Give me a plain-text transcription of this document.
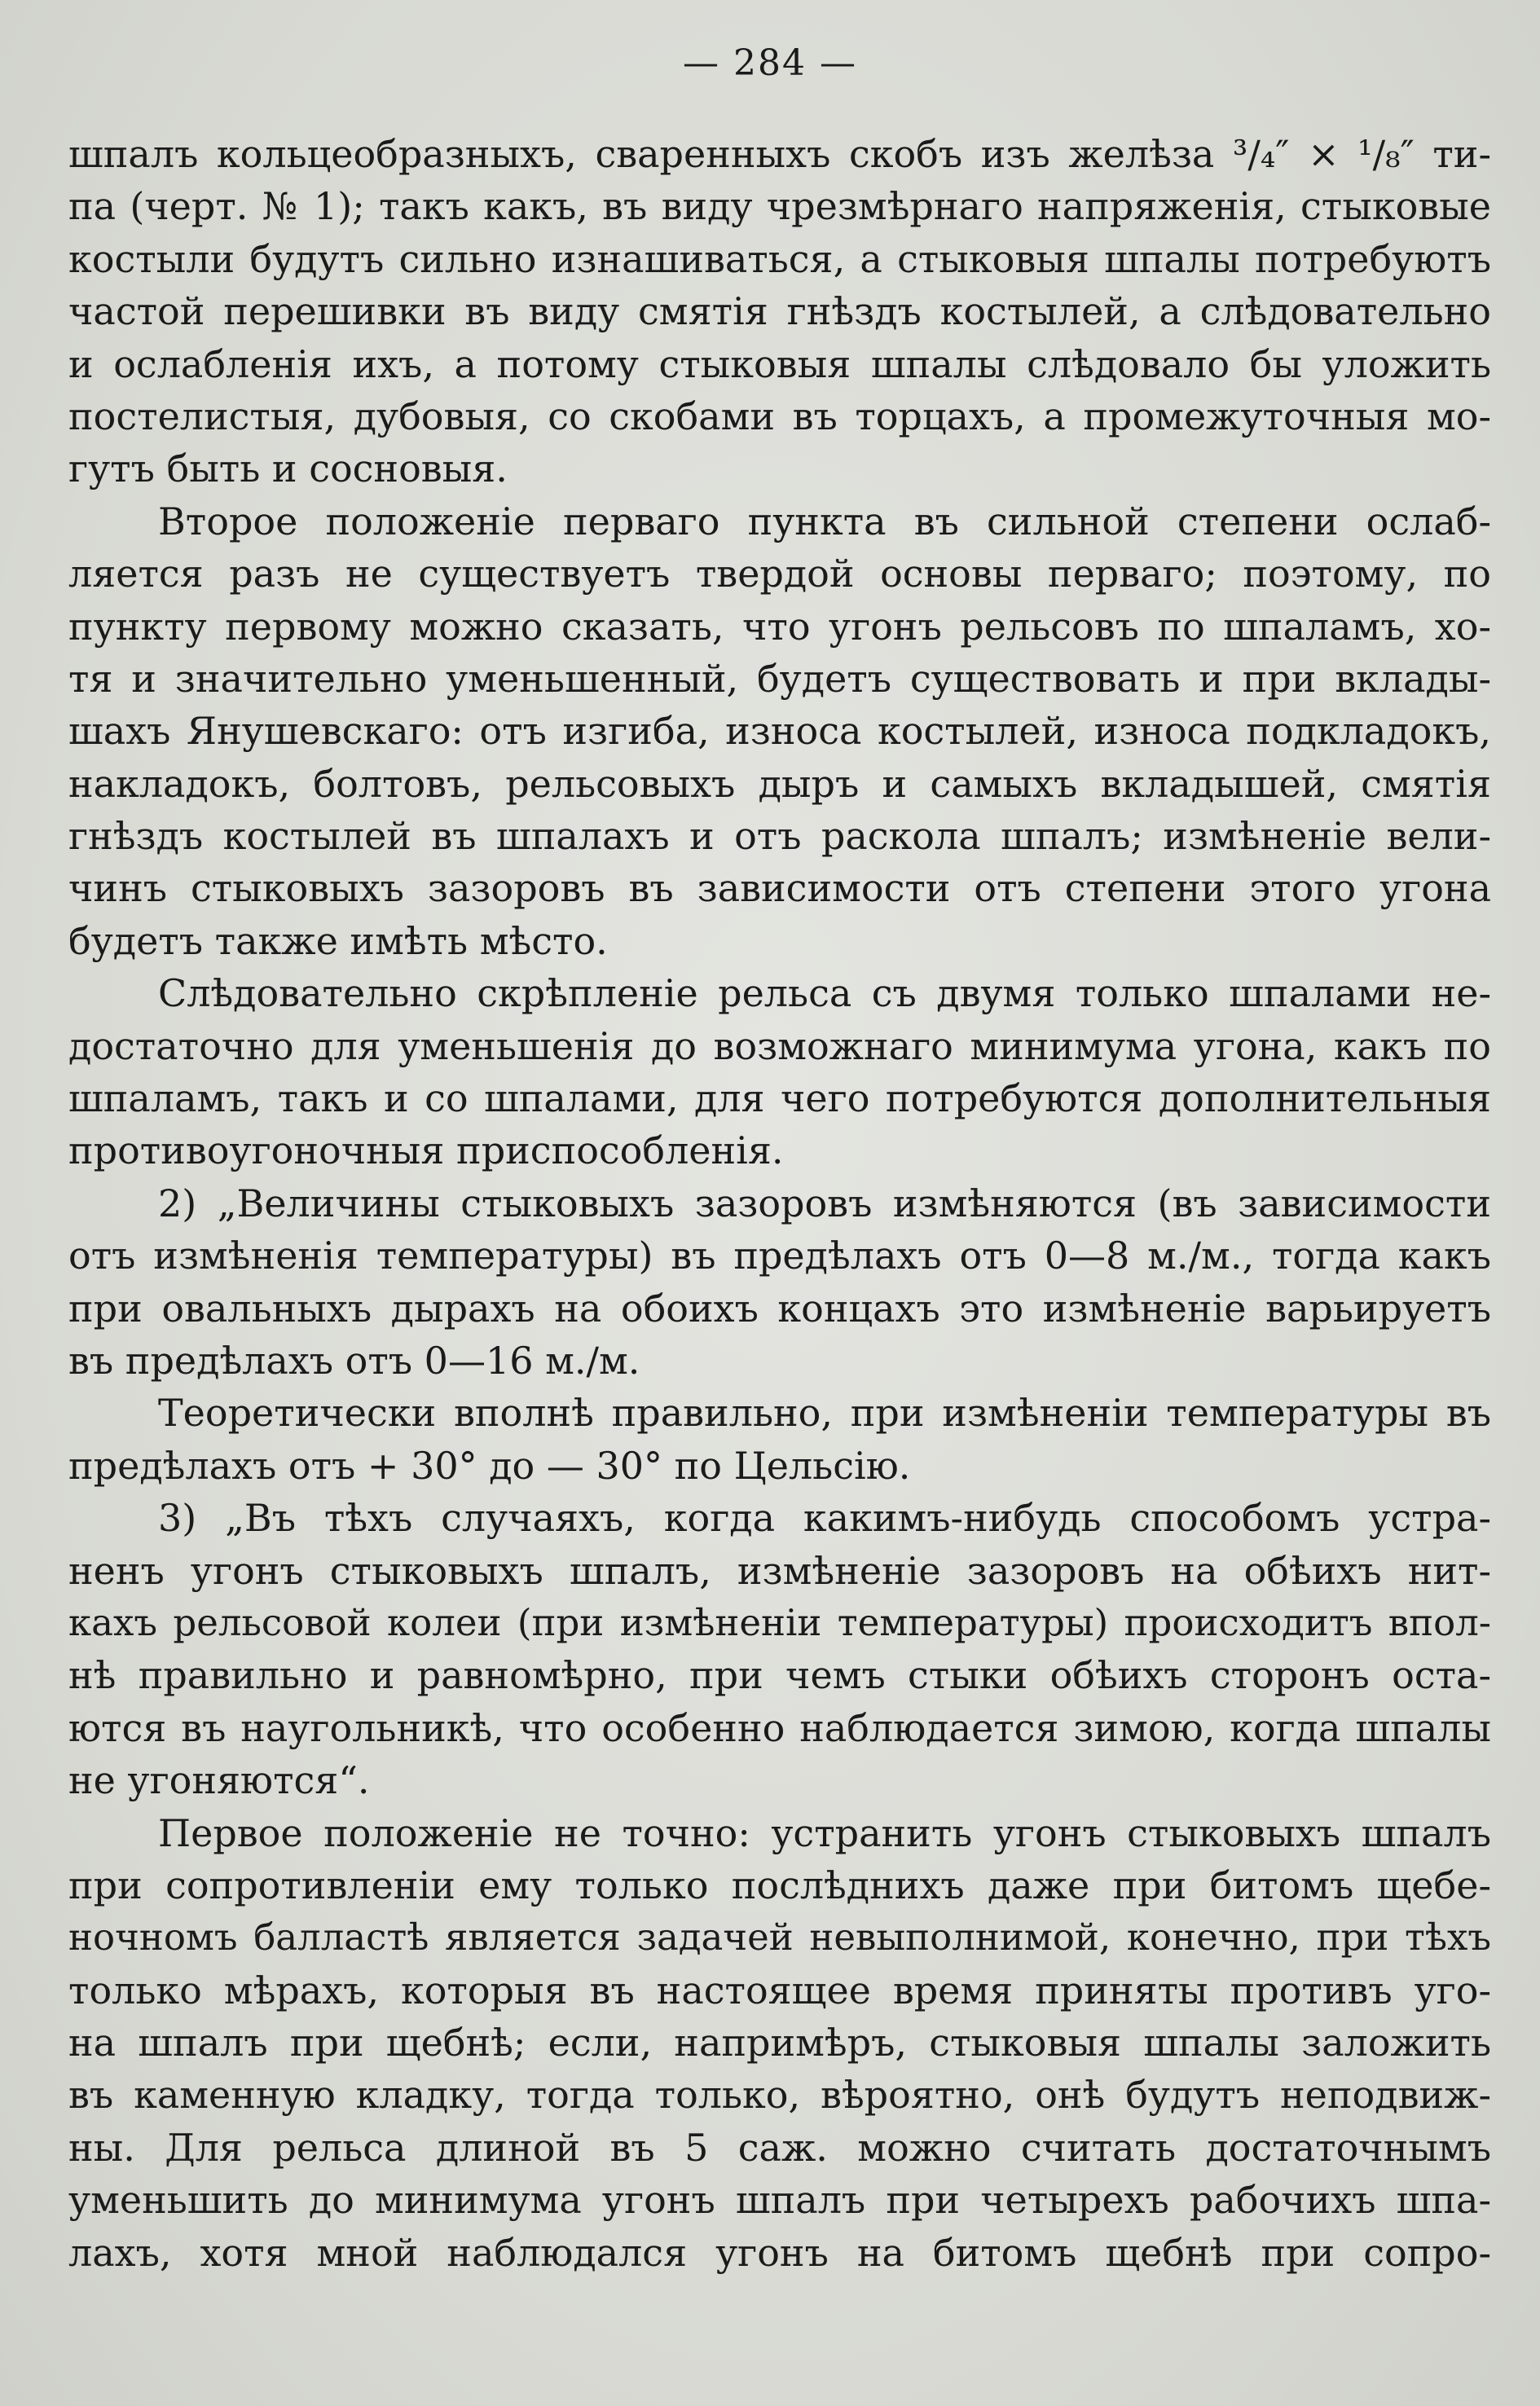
— 284 —
шпалъ кольцеобразныхъ, сваренныхъ скобъ изъ желѣза ³/₄″ × ¹/₈″ ти-
па (черт. № 1); такъ какъ, въ виду чрезмѣрнаго напряженія, стыковые
костыли будутъ сильно изнашиваться, а стыковыя шпалы потребуютъ
частой перешивки въ виду смятія гнѣздъ костылей, а слѣдовательно
и ослабленія ихъ, а потому стыковыя шпалы слѣдовало бы уложить
постелистыя, дубовыя, со скобами въ торцахъ, а промежуточныя мо-
гутъ быть и сосновыя.
Второе положеніе перваго пункта въ сильной степени ослаб-
ляется разъ не существуетъ твердой основы перваго; поэтому, по
пункту первому можно сказать, что угонъ рельсовъ по шпаламъ, хо-
тя и значительно уменьшенный, будетъ существовать и при вклады-
шахъ Янушевскаго: отъ изгиба, износа костылей, износа подкладокъ,
накладокъ, болтовъ, рельсовыхъ дыръ и самыхъ вкладышей, смятія
гнѣздъ костылей въ шпалахъ и отъ раскола шпалъ; измѣненіе вели-
чинъ стыковыхъ зазоровъ въ зависимости отъ степени этого угона
будетъ также имѣть мѣсто.
Слѣдовательно скрѣпленіе рельса съ двумя только шпалами не-
достаточно для уменьшенія до возможнаго минимума угона, какъ по
шпаламъ, такъ и со шпалами, для чего потребуются дополнительныя
противоугоночныя приспособленія.
2) „Величины стыковыхъ зазоровъ измѣняются (въ зависимости
отъ измѣненія температуры) въ предѣлахъ отъ 0—8 м./м., тогда какъ
при овальныхъ дырахъ на обоихъ концахъ это измѣненіе варьируетъ
въ предѣлахъ отъ 0—16 м./м.
Теоретически вполнѣ правильно, при измѣненіи температуры въ
предѣлахъ отъ + 30° до — 30° по Цельсію.
3) „Въ тѣхъ случаяхъ, когда какимъ-нибудь способомъ устра-
ненъ угонъ стыковыхъ шпалъ, измѣненіе зазоровъ на обѣихъ нит-
кахъ рельсовой колеи (при измѣненіи температуры) происходитъ впол-
нѣ правильно и равномѣрно, при чемъ стыки обѣихъ сторонъ оста-
ются въ наугольникѣ, что особенно наблюдается зимою, когда шпалы
не угоняются“.
Первое положеніе не точно: устранить угонъ стыковыхъ шпалъ
при сопротивленіи ему только послѣднихъ даже при битомъ щебе-
ночномъ балластѣ является задачей невыполнимой, конечно, при тѣхъ
только мѣрахъ, которыя въ настоящее время приняты противъ уго-
на шпалъ при щебнѣ; если, напримѣръ, стыковыя шпалы заложить
въ каменную кладку, тогда только, вѣроятно, онѣ будутъ неподвиж-
ны. Для рельса длиной въ 5 саж. можно считать достаточнымъ
уменьшить до минимума угонъ шпалъ при четырехъ рабочихъ шпа-
лахъ, хотя мной наблюдался угонъ на битомъ щебнѣ при сопро-
